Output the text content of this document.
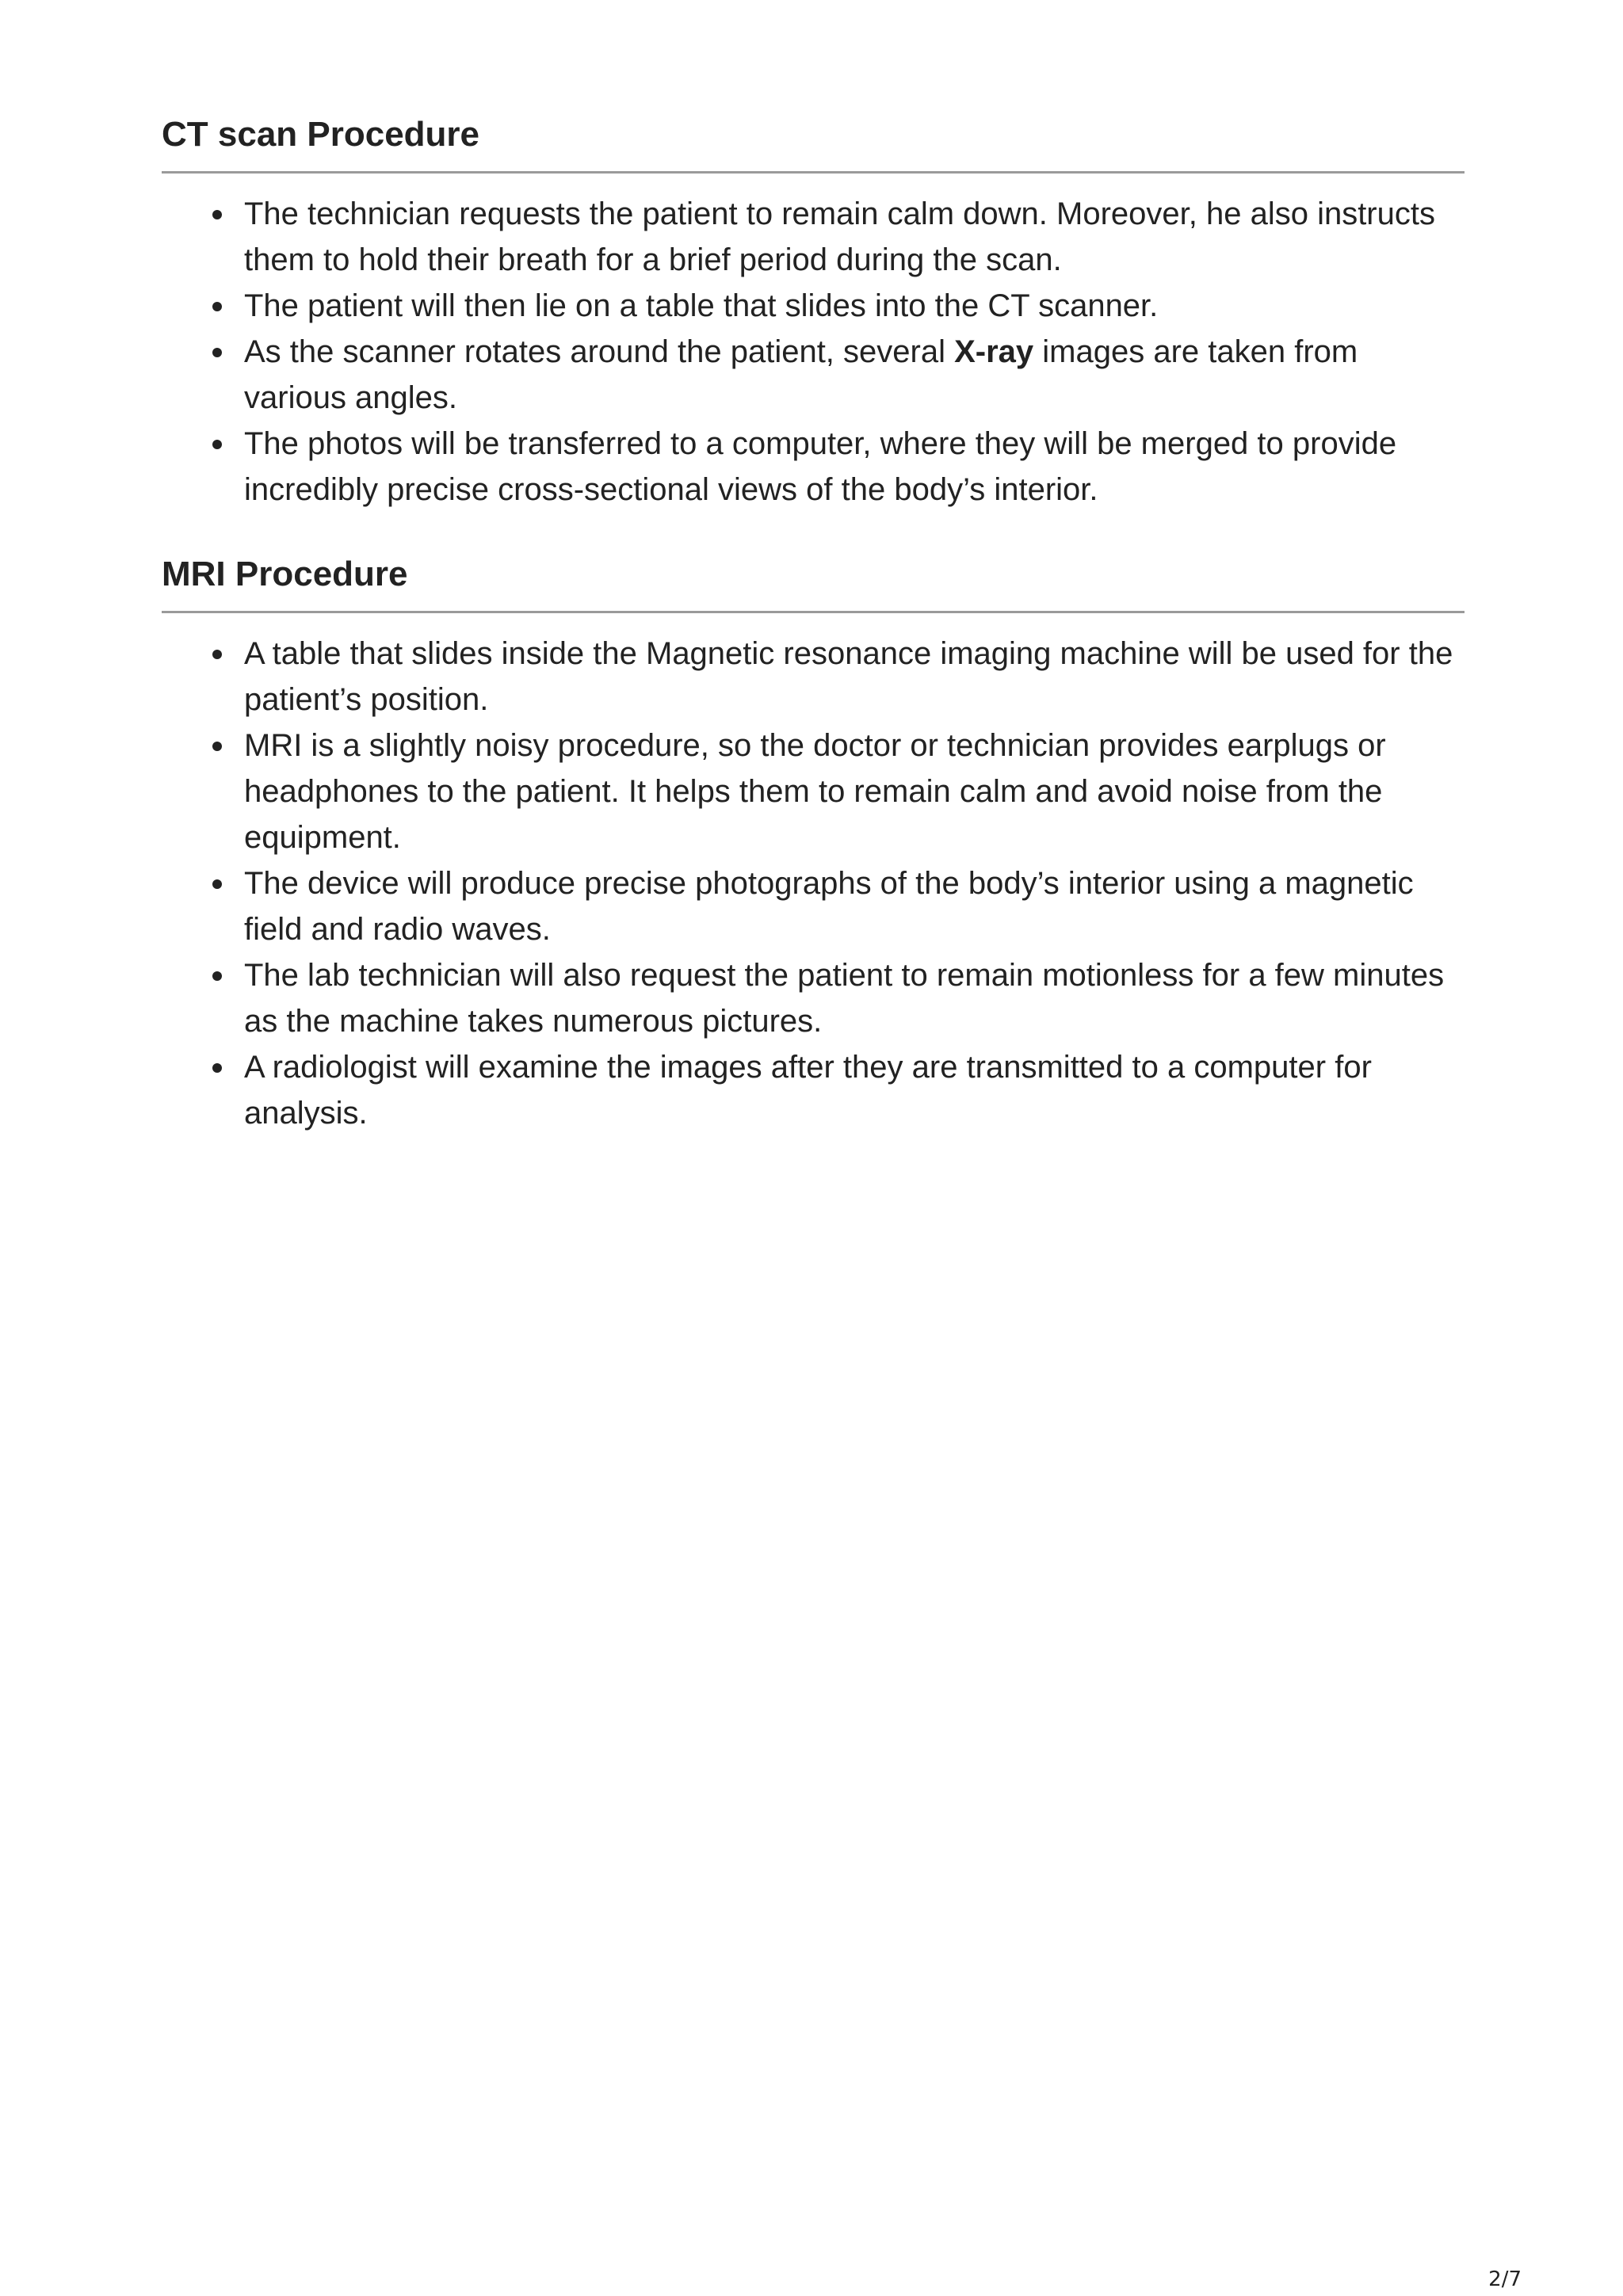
CT scan Procedure
The technician requests the patient to remain calm down. Moreover, he also instructs them to hold their breath for a brief period during the scan.
The patient will then lie on a table that slides into the CT scanner.
As the scanner rotates around the patient, several X-ray images are taken from various angles.
The photos will be transferred to a computer, where they will be merged to provide incredibly precise cross-sectional views of the body’s interior.
MRI Procedure
A table that slides inside the Magnetic resonance imaging machine will be used for the patient’s position.
MRI is a slightly noisy procedure, so the doctor or technician provides earplugs or headphones to the patient. It helps them to remain calm and avoid noise from the equipment.
The device will produce precise photographs of the body’s interior using a magnetic field and radio waves.
The lab technician will also request the patient to remain motionless for a few minutes as the machine takes numerous pictures.
A radiologist will examine the images after they are transmitted to a computer for analysis.
2/7
